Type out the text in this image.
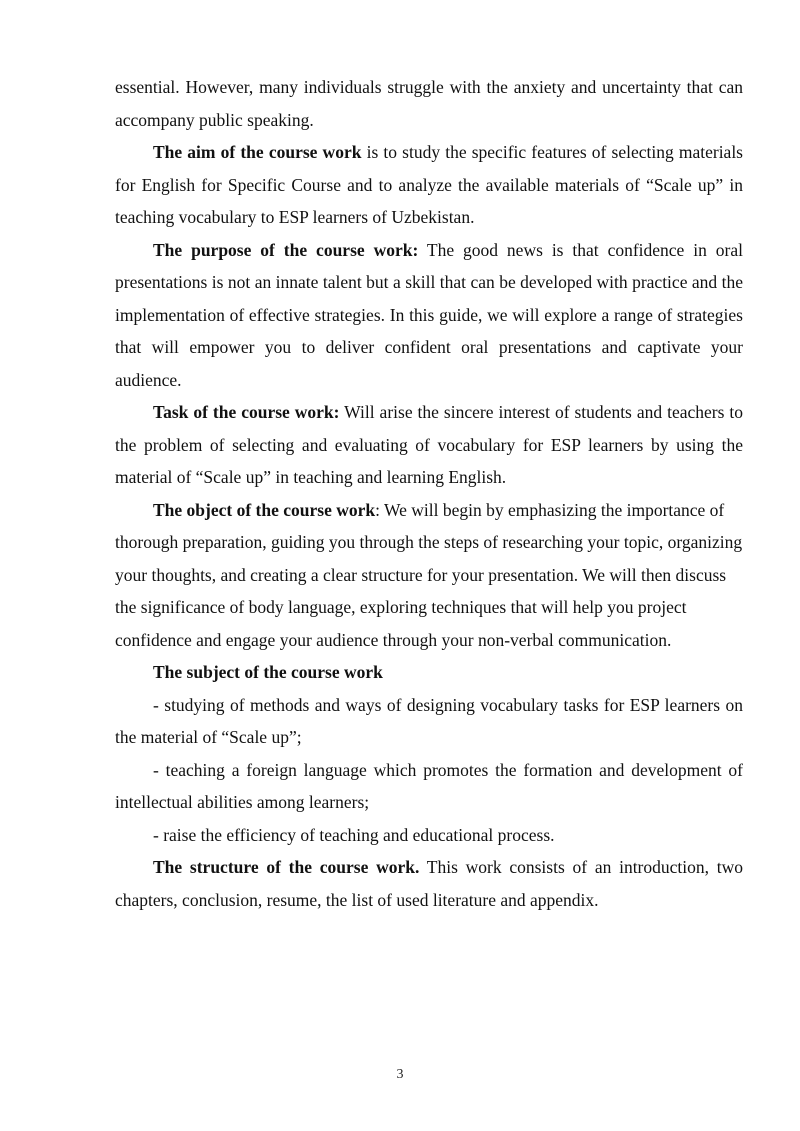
essential. However, many individuals struggle with the anxiety and uncertainty that can accompany public speaking.

The aim of the course work is to study the specific features of selecting materials for English for Specific Course and to analyze the available materials of “Scale up” in teaching vocabulary to ESP learners of Uzbekistan.

The purpose of the course work: The good news is that confidence in oral presentations is not an innate talent but a skill that can be developed with practice and the implementation of effective strategies. In this guide, we will explore a range of strategies that will empower you to deliver confident oral presentations and captivate your audience.

Task of the course work: Will arise the sincere interest of students and teachers to the problem of selecting and evaluating of vocabulary for ESP learners by using the material of “Scale up” in teaching and learning English.

The object of the course work: We will begin by emphasizing the importance of thorough preparation, guiding you through the steps of researching your topic, organizing your thoughts, and creating a clear structure for your presentation. We will then discuss the significance of body language, exploring techniques that will help you project confidence and engage your audience through your non-verbal communication.

The subject of the course work

- studying of methods and ways of designing vocabulary tasks for ESP learners on the material of “Scale up”;

- teaching a foreign language which promotes the formation and development of intellectual abilities among learners;

- raise the efficiency of teaching and educational process.

The structure of the course work. This work consists of an introduction, two chapters, conclusion, resume, the list of used literature and appendix.

3
